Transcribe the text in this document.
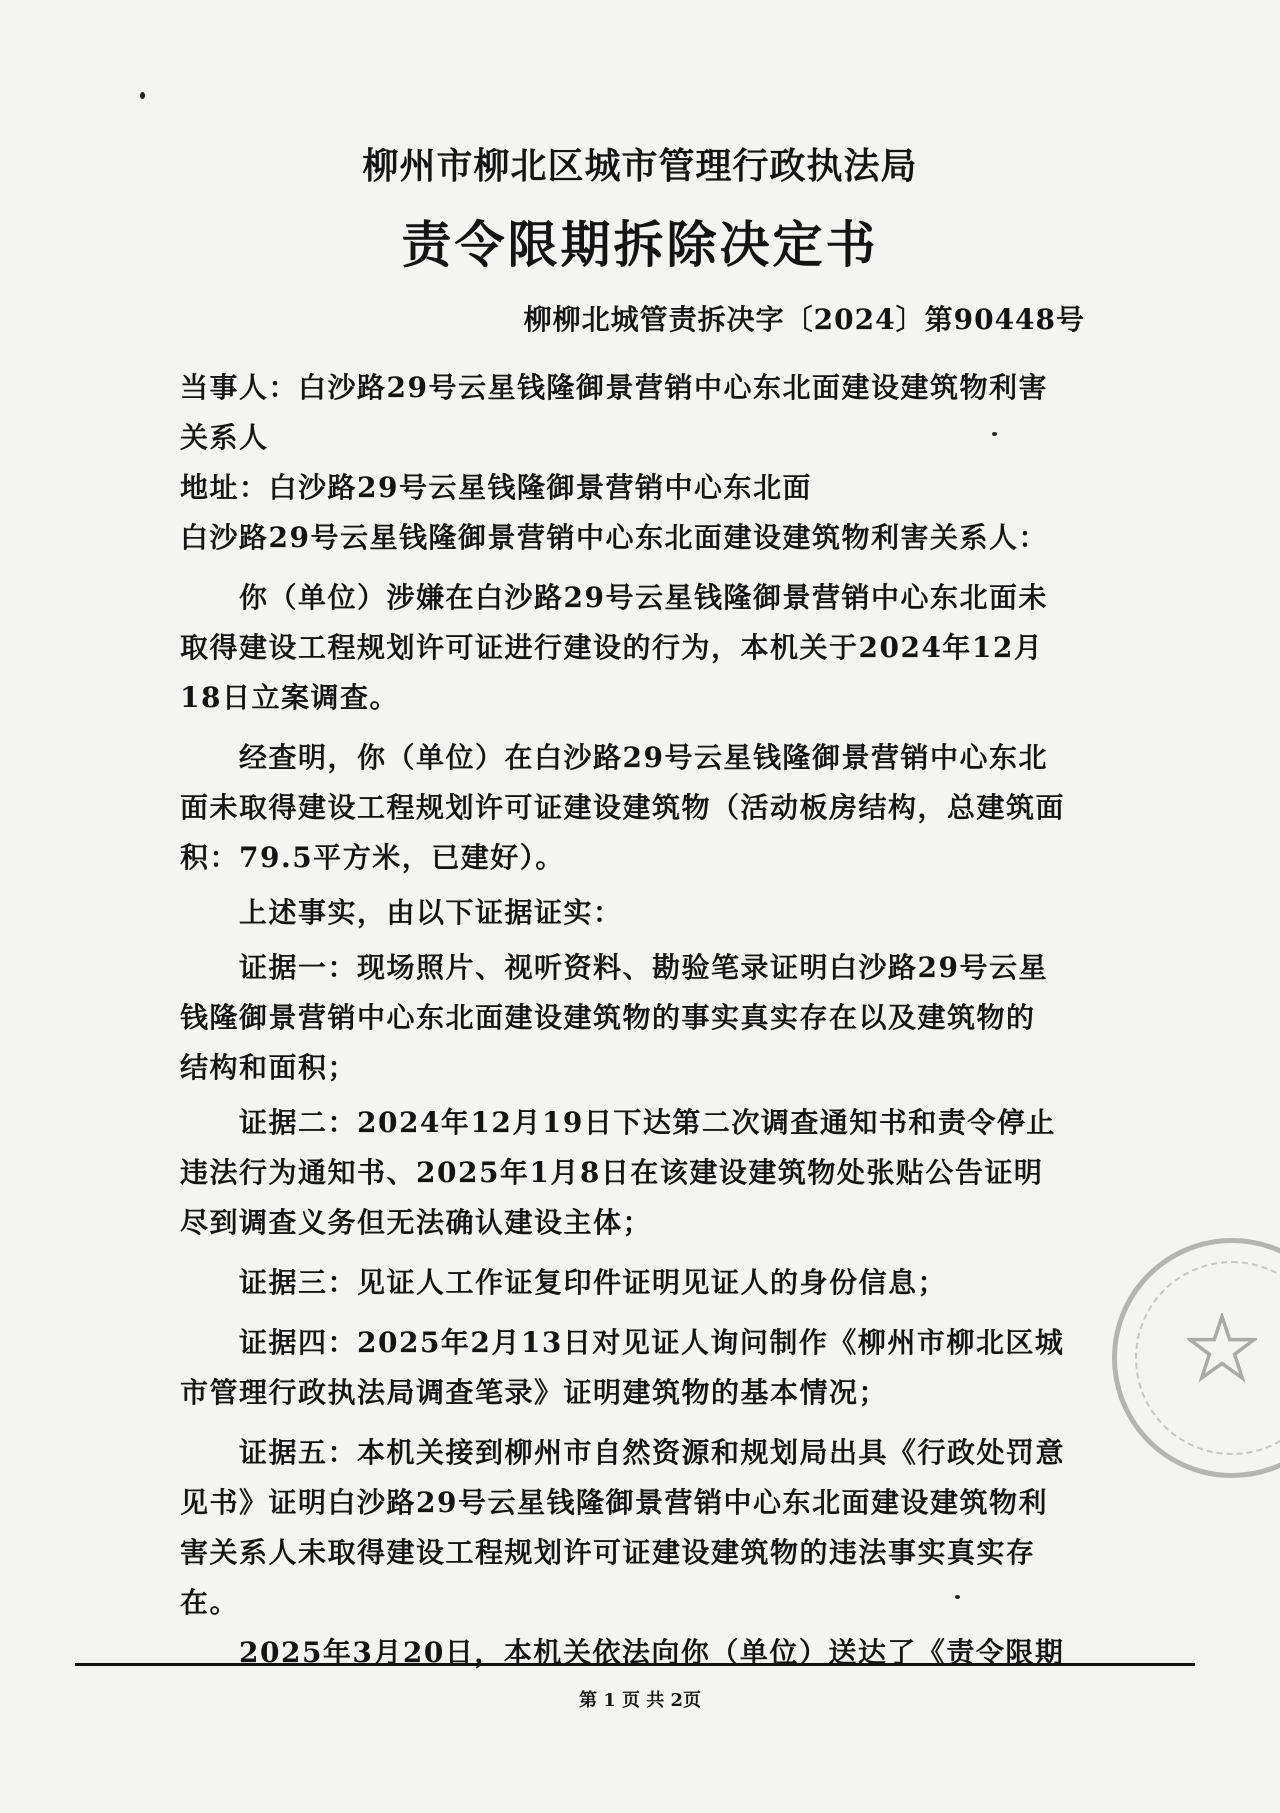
柳州市柳北区城市管理行政执法局
责令限期拆除决定书
柳柳北城管责拆决字〔2024〕第90448号
当事人：白沙路29号云星钱隆御景营销中心东北面建设建筑物利害
关系人
地址：白沙路29号云星钱隆御景营销中心东北面
白沙路29号云星钱隆御景营销中心东北面建设建筑物利害关系人：
　　你（单位）涉嫌在白沙路29号云星钱隆御景营销中心东北面未
取得建设工程规划许可证进行建设的行为，本机关于2024年12月
18日立案调查。
　　经查明，你（单位）在白沙路29号云星钱隆御景营销中心东北
面未取得建设工程规划许可证建设建筑物（活动板房结构，总建筑面
积：79.5平方米，已建好）。
　　上述事实，由以下证据证实：
　　证据一：现场照片、视听资料、勘验笔录证明白沙路29号云星
钱隆御景营销中心东北面建设建筑物的事实真实存在以及建筑物的
结构和面积；
　　证据二：2024年12月19日下达第二次调查通知书和责令停止
违法行为通知书、2025年1月8日在该建设建筑物处张贴公告证明
尽到调查义务但无法确认建设主体；
　　证据三：见证人工作证复印件证明见证人的身份信息；
　　证据四：2025年2月13日对见证人询问制作《柳州市柳北区城
市管理行政执法局调查笔录》证明建筑物的基本情况；
　　证据五：本机关接到柳州市自然资源和规划局出具《行政处罚意
见书》证明白沙路29号云星钱隆御景营销中心东北面建设建筑物利
害关系人未取得建设工程规划许可证建设建筑物的违法事实真实存
在。
　　2025年3月20日，本机关依法向你（单位）送达了《责令限期
第 1 页 共 2页
